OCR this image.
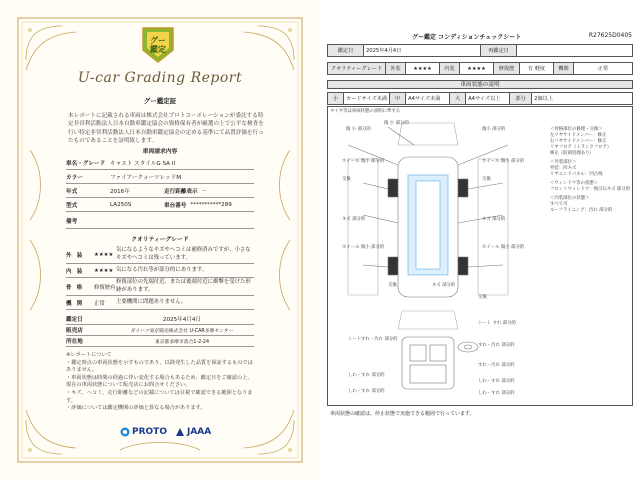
グー
鑑定
U-car Grading Report
グー鑑定証
本レポートに記載される車両は株式会社プロトコーポレーションが委託する特定非営利活動法人日本自動車鑑定協会の資格保有者が厳選の上で公平な検査を行い特定非営利活動法人日本自動車鑑定協会の定める基準にて品質評価を行ったものであることを証明致します。
車両請求内容
車名・グレード キャスト スタイルG SA II
カラー	ファイアークォーツレッドM
年式	2016年	走行距離表示 －
型式	LA250S	車台番号 ***********289
備考
クオリティーグレード
外　装	★★★★
気になるようなキズやヘコミは補修済みですが、小さなキズやヘコミは残っています。
内　装	★★★★ 気になる汚れ等が部分的にあります。
骨　格	修復歴有
修復部位の先端付近、または後端付近に衝撃を受けた形跡があります。
機　関	正常	主要機関に問題ありません。
鑑定日	2025年4月4日
販売店	ダイハツ東京販売株式会社 U-CAR多摩センター
所在地	東京都多摩市落合1-2-24
※レポートについて
・鑑定時点の車両状態を示すものであり、以降発生した品質を保証するものではありません。
・車両状態は時間の経過に伴い変化する場合もあるため、鑑定日をご確認の上、現在の車両状態について販売店にお問合せください。
・キズ、ヘコミ、走行距離などの記載については目視で確認できる範囲となります。
・評価については鑑定機関の評価と異なる場合があります。
PROTO JAAA
グー鑑定 コンディションチェックシート	R27625D0405
鑑定日	2025年4月4日	再鑑定日	
クオリティーグレード	外装	★★★★	内装	★★★★	修復歴	有 軽度	機関	正常
車両状態の説明
小	カードサイズ未満	中	A4サイズ未満	大	A4サイズ以上	部分	2個以上
タイヤ等は車両状態の説明に準ずる
傷 小 部分的
傷 小 部分的
傷小 部分的
ホイール 傷小 部分的	ホイール 傷小 部分的
交換	交換
キズ 部分的	キズ 部分的
ホイール 傷小 部分的	ホイール 傷小 部分的
交換	キズ 部分的
交換
シートすれ・汚れ 部分的
シート すれ 部分的
すれ・汚れ 部分的
すれ・汚れ 部分的
しわ・すれ 部分的
しわ・すれ 部分的
しわ・すれ 部分的	しわ・すれ 部分的
＜骨格部位の修理・交換＞
左リヤサイドメンバー：修正
右リヤサイドメンバー：修正
リヤフロア（トランクフロア）
修正（防錆処理あり）
＜外装部位＞
外装：凹キズ
リヤエンドパネル：凹凸残
＜ウィンドウ等の状態＞
フロントウィンドウ：飛び石キズ 部分的
＜内装部位の状態＞
すべて可
ルーフライニング：汚れ 部分的
車両状態の確認は、停止状態で実施できる範囲で行っています。
